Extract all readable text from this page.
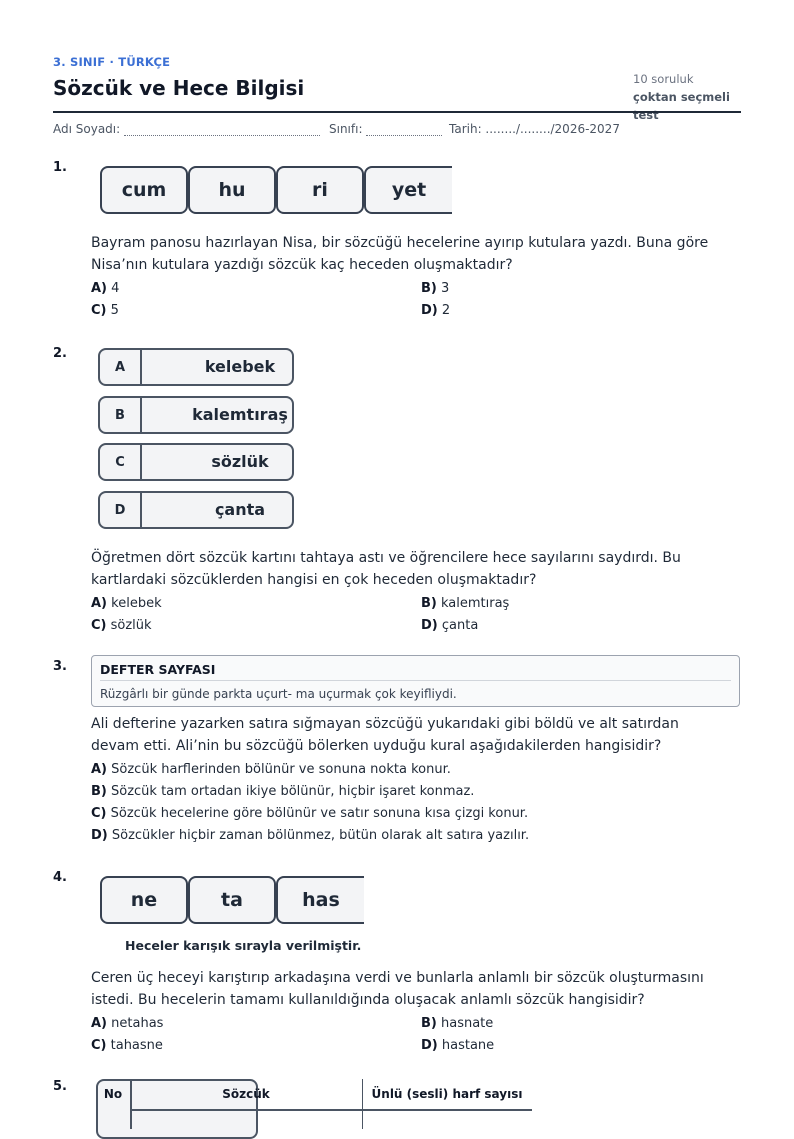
3. SINIF · TÜRKÇE
Sözcük ve Hece Bilgisi	10 soruluk
çoktan seçmeli test
Adı Soyadı:	Sınıfı:	Tarih: ......../......../2026-2027
1.
cum	hu	ri	yet
Bayram panosu hazırlayan Nisa, bir sözcüğü hecelerine ayırıp kutulara yazdı. Buna göre Nisa’nın kutulara yazdığı sözcük kaç heceden oluşmaktadır?
A) 4	B) 3
C) 5	D) 2
2.
A	kelebek
B	kalemtıraş
C	sözlük
D	çanta
Öğretmen dört sözcük kartını tahtaya astı ve öğrencilere hece sayılarını saydırdı. Bu kartlardaki sözcüklerden hangisi en çok heceden oluşmaktadır?
A) kelebek	B) kalemtıraş
C) sözlük	D) çanta
3.	DEFTER SAYFASI
Rüzgârlı bir günde parkta uçurt- ma uçurmak çok keyifliydi.
Ali defterine yazarken satıra sığmayan sözcüğü yukarıdaki gibi böldü ve alt satırdan devam etti. Ali’nin bu sözcüğü bölerken uyduğu kural aşağıdakilerden hangisidir?
A) Sözcük harflerinden bölünür ve sonuna nokta konur.
B) Sözcük tam ortadan ikiye bölünür, hiçbir işaret konmaz.
C) Sözcük hecelerine göre bölünür ve satır sonuna kısa çizgi konur.
D) Sözcükler hiçbir zaman bölünmez, bütün olarak alt satıra yazılır.
4.
ne	ta	has
Heceler karışık sırayla verilmiştir.
Ceren üç heceyi karıştırıp arkadaşına verdi ve bunlarla anlamlı bir sözcük oluşturmasını istedi. Bu hecelerin tamamı kullanıldığında oluşacak anlamlı sözcük hangisidir?
A) netahas	B) hasnate
C) tahasne	D) hastane
5.	No	Sözcük	Ünlü (sesli) harf sayısı
